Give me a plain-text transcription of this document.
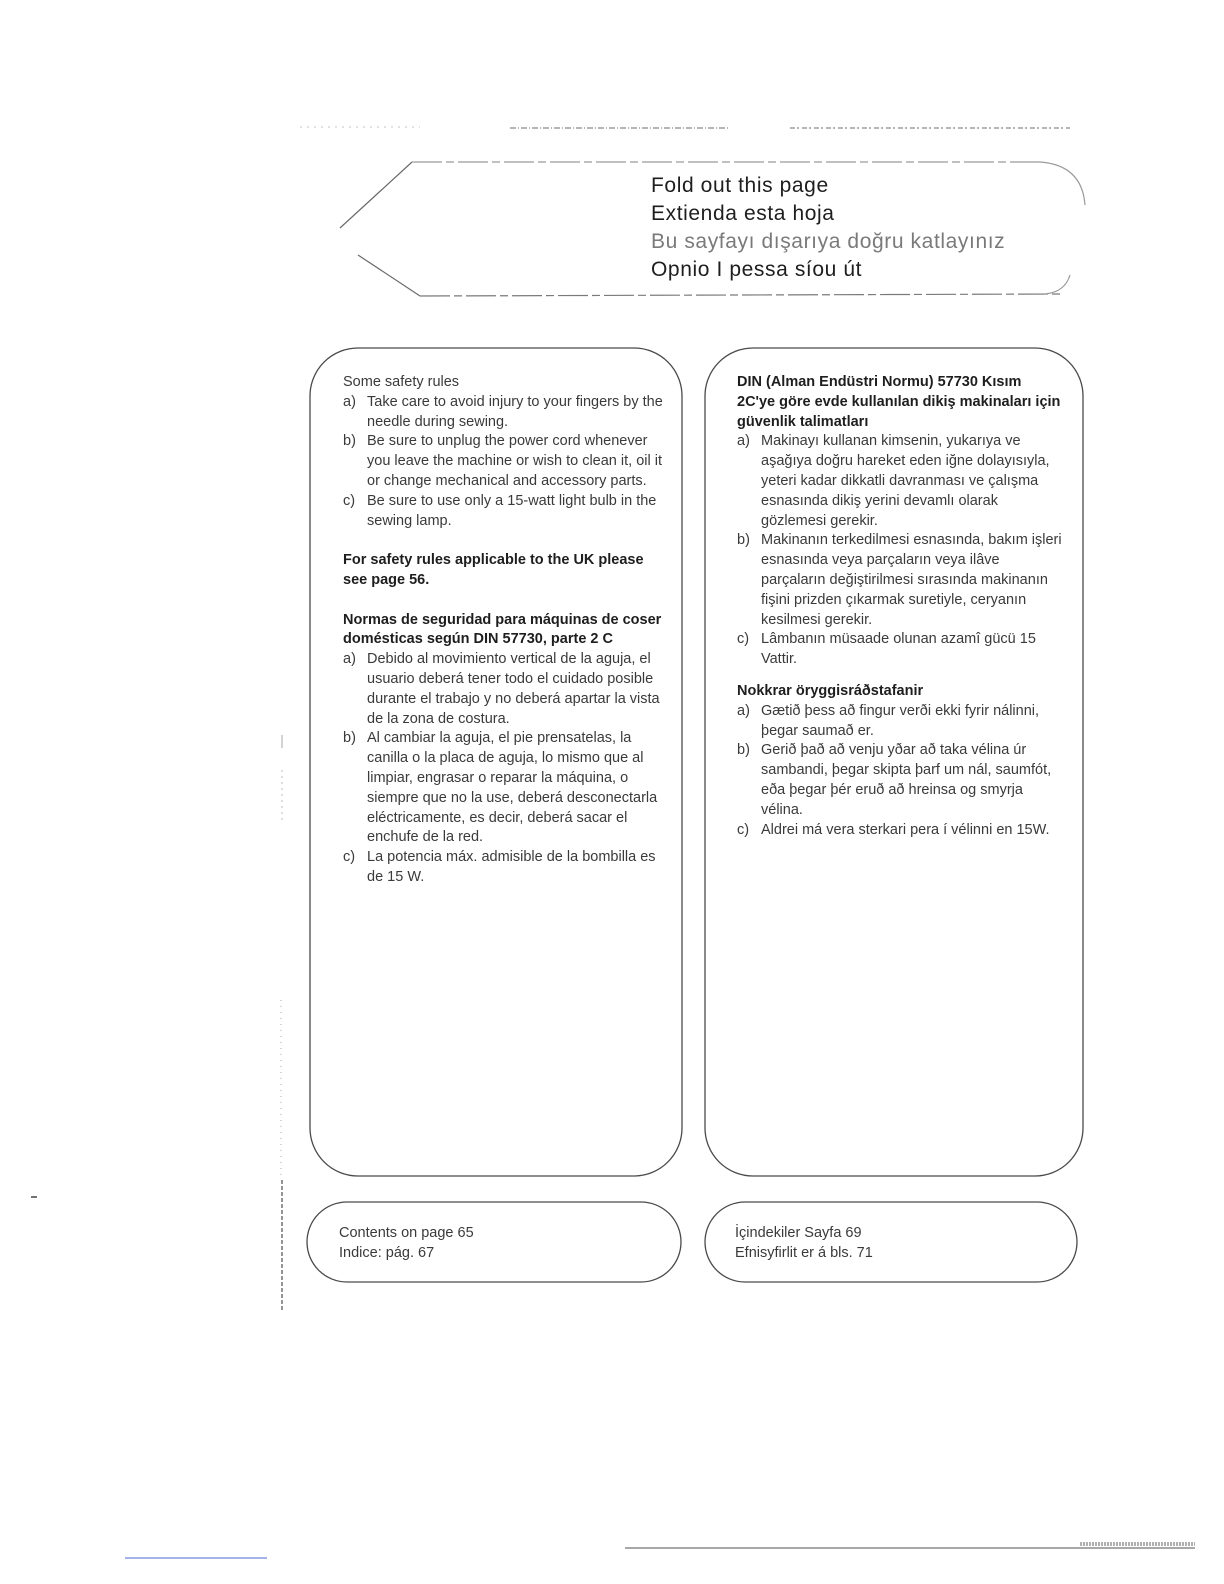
Fold out this page
Extienda esta hoja
Bu sayfayı dışarıya doğru katlayınız
Opnio I pessa síou út

Some safety rules

a) Take care to avoid injury to your fingers by the needle during sewing.
b) Be sure to unplug the power cord whenever you leave the machine or wish to clean it, oil it or change mechanical and accessory parts.
c) Be sure to use only a 15-watt light bulb in the sewing lamp.

For safety rules applicable to the UK please see page 56.

Normas de seguridad para máquinas de coser domésticas según DIN 57730, parte 2 C

a) Debido al movimiento vertical de la aguja, el usuario deberá tener todo el cuidado posible durante el trabajo y no deberá apartar la vista de la zona de costura.
b) Al cambiar la aguja, el pie prensatelas, la canilla o la placa de aguja, lo mismo que al limpiar, engrasar o reparar la máquina, o siempre que no la use, deberá desconectarla eléctricamente, es decir, deberá sacar el enchufe de la red.
c) La potencia máx. admisible de la bombilla es de 15 W.

DIN (Alman Endüstri Normu) 57730 Kısım 2C'ye göre evde kullanılan dikiş makinaları için güvenlik talimatları

a) Makinayı kullanan kimsenin, yukarıya ve aşağıya doğru hareket eden iğne dolayısıyla, yeteri kadar dikkatli davranması ve çalışma esnasında dikiş yerini devamlı olarak gözlemesi gerekir.
b) Makinanın terkedilmesi esnasında, bakım işleri esnasında veya parçaların veya ilâve parçaların değiştirilmesi sırasında makinanın fişini prizden çıkarmak suretiyle, ceryanın kesilmesi gerekir.
c) Lâmbanın müsaade olunan azamî gücü 15 Vattir.

Nokkrar öryggisráðstafanir

a) Gætið þess að fingur verði ekki fyrir nálinni, þegar saumað er.
b) Gerið það að venju yðar að taka vélina úr sambandi, þegar skipta þarf um nál, saumfót, eða þegar þér eruð að hreinsa og smyrja vélina.
c) Aldrei má vera sterkari pera í vélinni en 15W.
Contents on page 65
Indice: pág. 67
İçindekiler Sayfa 69
Efnisyfirlit er á bls. 71
